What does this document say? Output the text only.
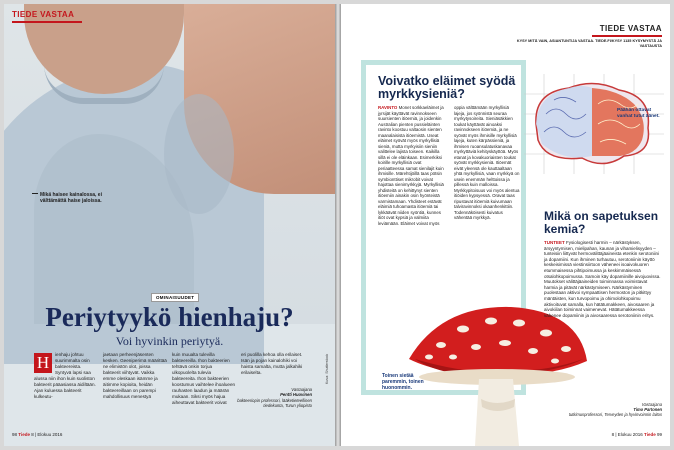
TIEDE VASTAA
Mikä haisee kainalossa, ei välttämättä haise jaloissa.
OMINAISUUDET
Periytyykö hienhaju?
Voi hyvinkin periytyä.
H	ienhaju johtuu suurimmalta osin bakteereista. Syntyvä lapsi saa alussa niin ihon kuin suoliston bakteerit pääasiassa äidiltään. Ajan kuluessa bakteerit kulkeutu-
jaetaan perheenjäsenten kesken. Geeniperimä määrittää ne elimistön olot, joissa bakteerit viihtyvät. Vaikka emme oleskaan isämme ja äitimme kopioita, heidän bakteereillaan on parempi mahdollisuus menestyä
kuin muualta tulevilla bakteereilla. Ihon bakteerien tehtävä onkin torjua ulkopuolelta tulevia bakteereita. Ihon bakteerien koostumus vaihtelee ihoalueen rauhasten laadun ja määrän mukaan. Siksi myös hajua aiheuttavat bakteerit voivat
eri puolilla kehoa olla erilaiset. Isän ja pojan kainalohiki voi haista samalta, mutta jalkahiki erilaiselta.
Vastaajana
Pentti Huovinen
bakteeriopin professori, lääketieteellinen tiedekunta, Turun yliopisto
Kuva: Shutterstock
98 Tiede 8 | Elokuu 2016
TIEDE VASTAA
KYSY MITÄ VAIN, ASIANTUNTIJA VASTAA. TIEDE.FI/KYSY 1135 KYSYMYSTÄ JA VASTAUSTA
Voivatko eläimet syödä myrkkysieniä?
RAVINTO Monet sorkkaeläimet ja jyrsijät käyttävät ravinnokseen suursienten itiöemiä, ja joidenkin Australian pienten pussieläinten ravinto koostuu valtaosin sienten maanalaisista itiöemistä. Useat eläimet syövät myös myrkyllisiä sieniä, mutta myrkyisiin sieniin valittelee lajista toiseen. Kaikilla sillä ei ole eläinkaan. Esimerkiksi koirille myrkyllisiä ovat periaatteessa samat sienilajit kuin ihmisille. Märehtijöillä taas pötsin symbionttiset mikrobit voivat hajottaa sienimyrkkyjä. Myrkyllisiä yhdisteitä on kehittynyt sienten itiöemiin ainakin osin hyönteistä varmistamaan. Yhdisteet estävät eläimiä tuhoamasta itiöemiä tai lykkäävät niiden syöntiä, kunnes itiöt ovat kypsiä ja valmiita leviämään. Eläimet voivat myös
oppia välttämään myrkyllisiä lajeja, jos syönnistä seuraa myrkytysoireita. Sieniäsäkkien toukat käyttävät ainoaksi ravinnokseen itiöemiä, ja ne syövät myös ihmisille myrkyllisiä lajeja, kuten kärpässieniä, ja ihmisen ruoansulatuskanavaa myrkyttäviä kehityskäyttöä. Myös etanat ja kovakuoriaisten toukat syövät myrkkysieniä. Itiöemät eivät yleensä ole kauttaaltaan yhtä myrkyllisiä, vaan myrkkyä on usein enemmän helttoissa ja pillessä kuin malloissa. Myrkkypitoisuus voi myös alentua itiöiden kypsyessä. Oravat taas ripustavat itiöemiä kuivumaan talviravinnoksi okaanhenkittiin. Todennäköisesti kuivatus vähentää myrkkyä.
Toinen sietää paremmin, toinen huonommin.
Päähän ottavat vanhat tutut äänet.
Mikä on sapetuksen kemia?
TUNTEET Fysiologisesti harmin – närkästyksen, ärsyyntymisen, mielipahan, kaunan ja vihamielisyyden – tunteisiin liittyvät hermovälittäjäaineista etenkin serotoniini ja dopamiini. Kun ihminen turhautuu, serotoniinin käyttö keskeisimissä viestinsiirtoon väheneei isoaivokuoren etummaisessa pihtipoimussa ja keskimmäisessä otsalohkopoimussa. Samoin käy dopamiinille aivojuovissa. Muutokset välittäjäaineiden toiminnassa voimistavat harmia ja pitävät närkästymiseen. Närkästyminen puolestaan aktivoi sympaattisen hermoston ja pitkittyy mäntäisten, kun turvopoimu ja ohimolohkopoimu aktivoituvat samalla, kun hätätumakkeen, aivosaaren ja aivokiilan toiminnat vaimenevat. Hätätumakkeessa vähenee dopamiinin ja aivosaaressa serotoniinin eritys.
Vastaajana
Timo Partonen
tutkimusprofessori, Terveyden ja hyvinvoinnin laitos
8 | Elokuu 2016 Tiede 99
